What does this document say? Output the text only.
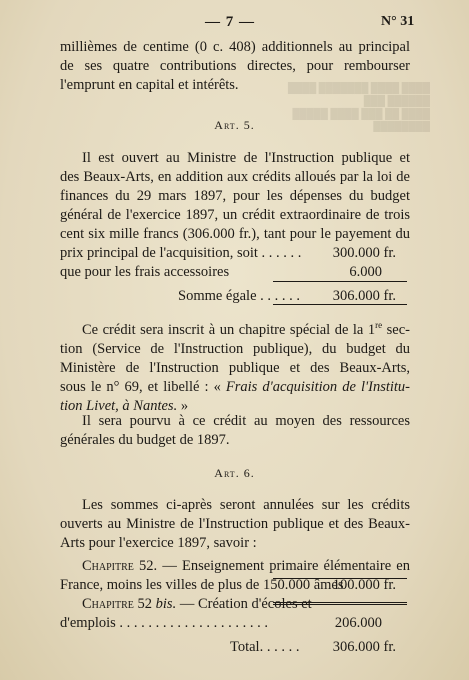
████ ████ ███████ ████ ██████ ███
████ ██ ███ ████ █████ ████████

— 7 —	N° 31
millièmes de centime (0 c. 408) additionnels au principal
de ses quatre contributions directes, pour rembourser
l'emprunt en capital et intérêts.
Art. 5.
Il est ouvert au Ministre de l'Instruction publique et
des Beaux-Arts, en addition aux crédits alloués par la loi de
finances du 29 mars 1897, pour les dépenses du budget
général de l'exercice 1897, un crédit extraordinaire de trois
cent six mille francs (306.000 fr.), tant pour le payement du
prix principal de l'acquisition, soit . . . . . . 300.000 fr.
que pour les frais accessoires	6.000
Somme égale . . . . . . 306.000 fr.
Ce crédit sera inscrit à un chapitre spécial de la 1re sec-
tion (Service de l'Instruction publique), du budget du
Ministère de l'Instruction publique et des Beaux-Arts,
sous le n° 69, et libellé : « Frais d'acquisition de l'Institu-
tion Livet, à Nantes. »
Il sera pourvu à ce crédit au moyen des ressources
générales du budget de 1897.
Art. 6.
Les sommes ci-après seront annulées sur les crédits
ouverts au Ministre de l'Instruction publique et des Beaux-
Arts pour l'exercice 1897, savoir :
Chapitre 52. — Enseignement primaire élémentaire en
France, moins les villes de plus de 150.000 âmes
100.000 fr.
Chapitre 52 bis. — Création d'écoles et
d'emplois . . . . . . . . . . . . . . . . . . . . .	206.000
Total. . . . . . 306.000 fr.
